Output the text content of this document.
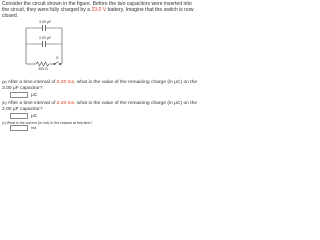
Consider the circuit shown in the figure. Before the two capacitors were inserted into the circuit, they were fully charged by a 23.0 V battery. Imagine that the switch is now closed.
3.00 μF
2.00 μF
300 Ω
S
(a) After a time interval of 2.20 ms, what is the value of the remaining charge (in μC) on the 3.00 μF capacitor?
μC
(b) After a time interval of 2.20 ms, what is the value of the remaining charge (in μC) on the 2.00 μF capacitor?
μC
(c) What is the current (in mA) in the resistor at this time?
mA
